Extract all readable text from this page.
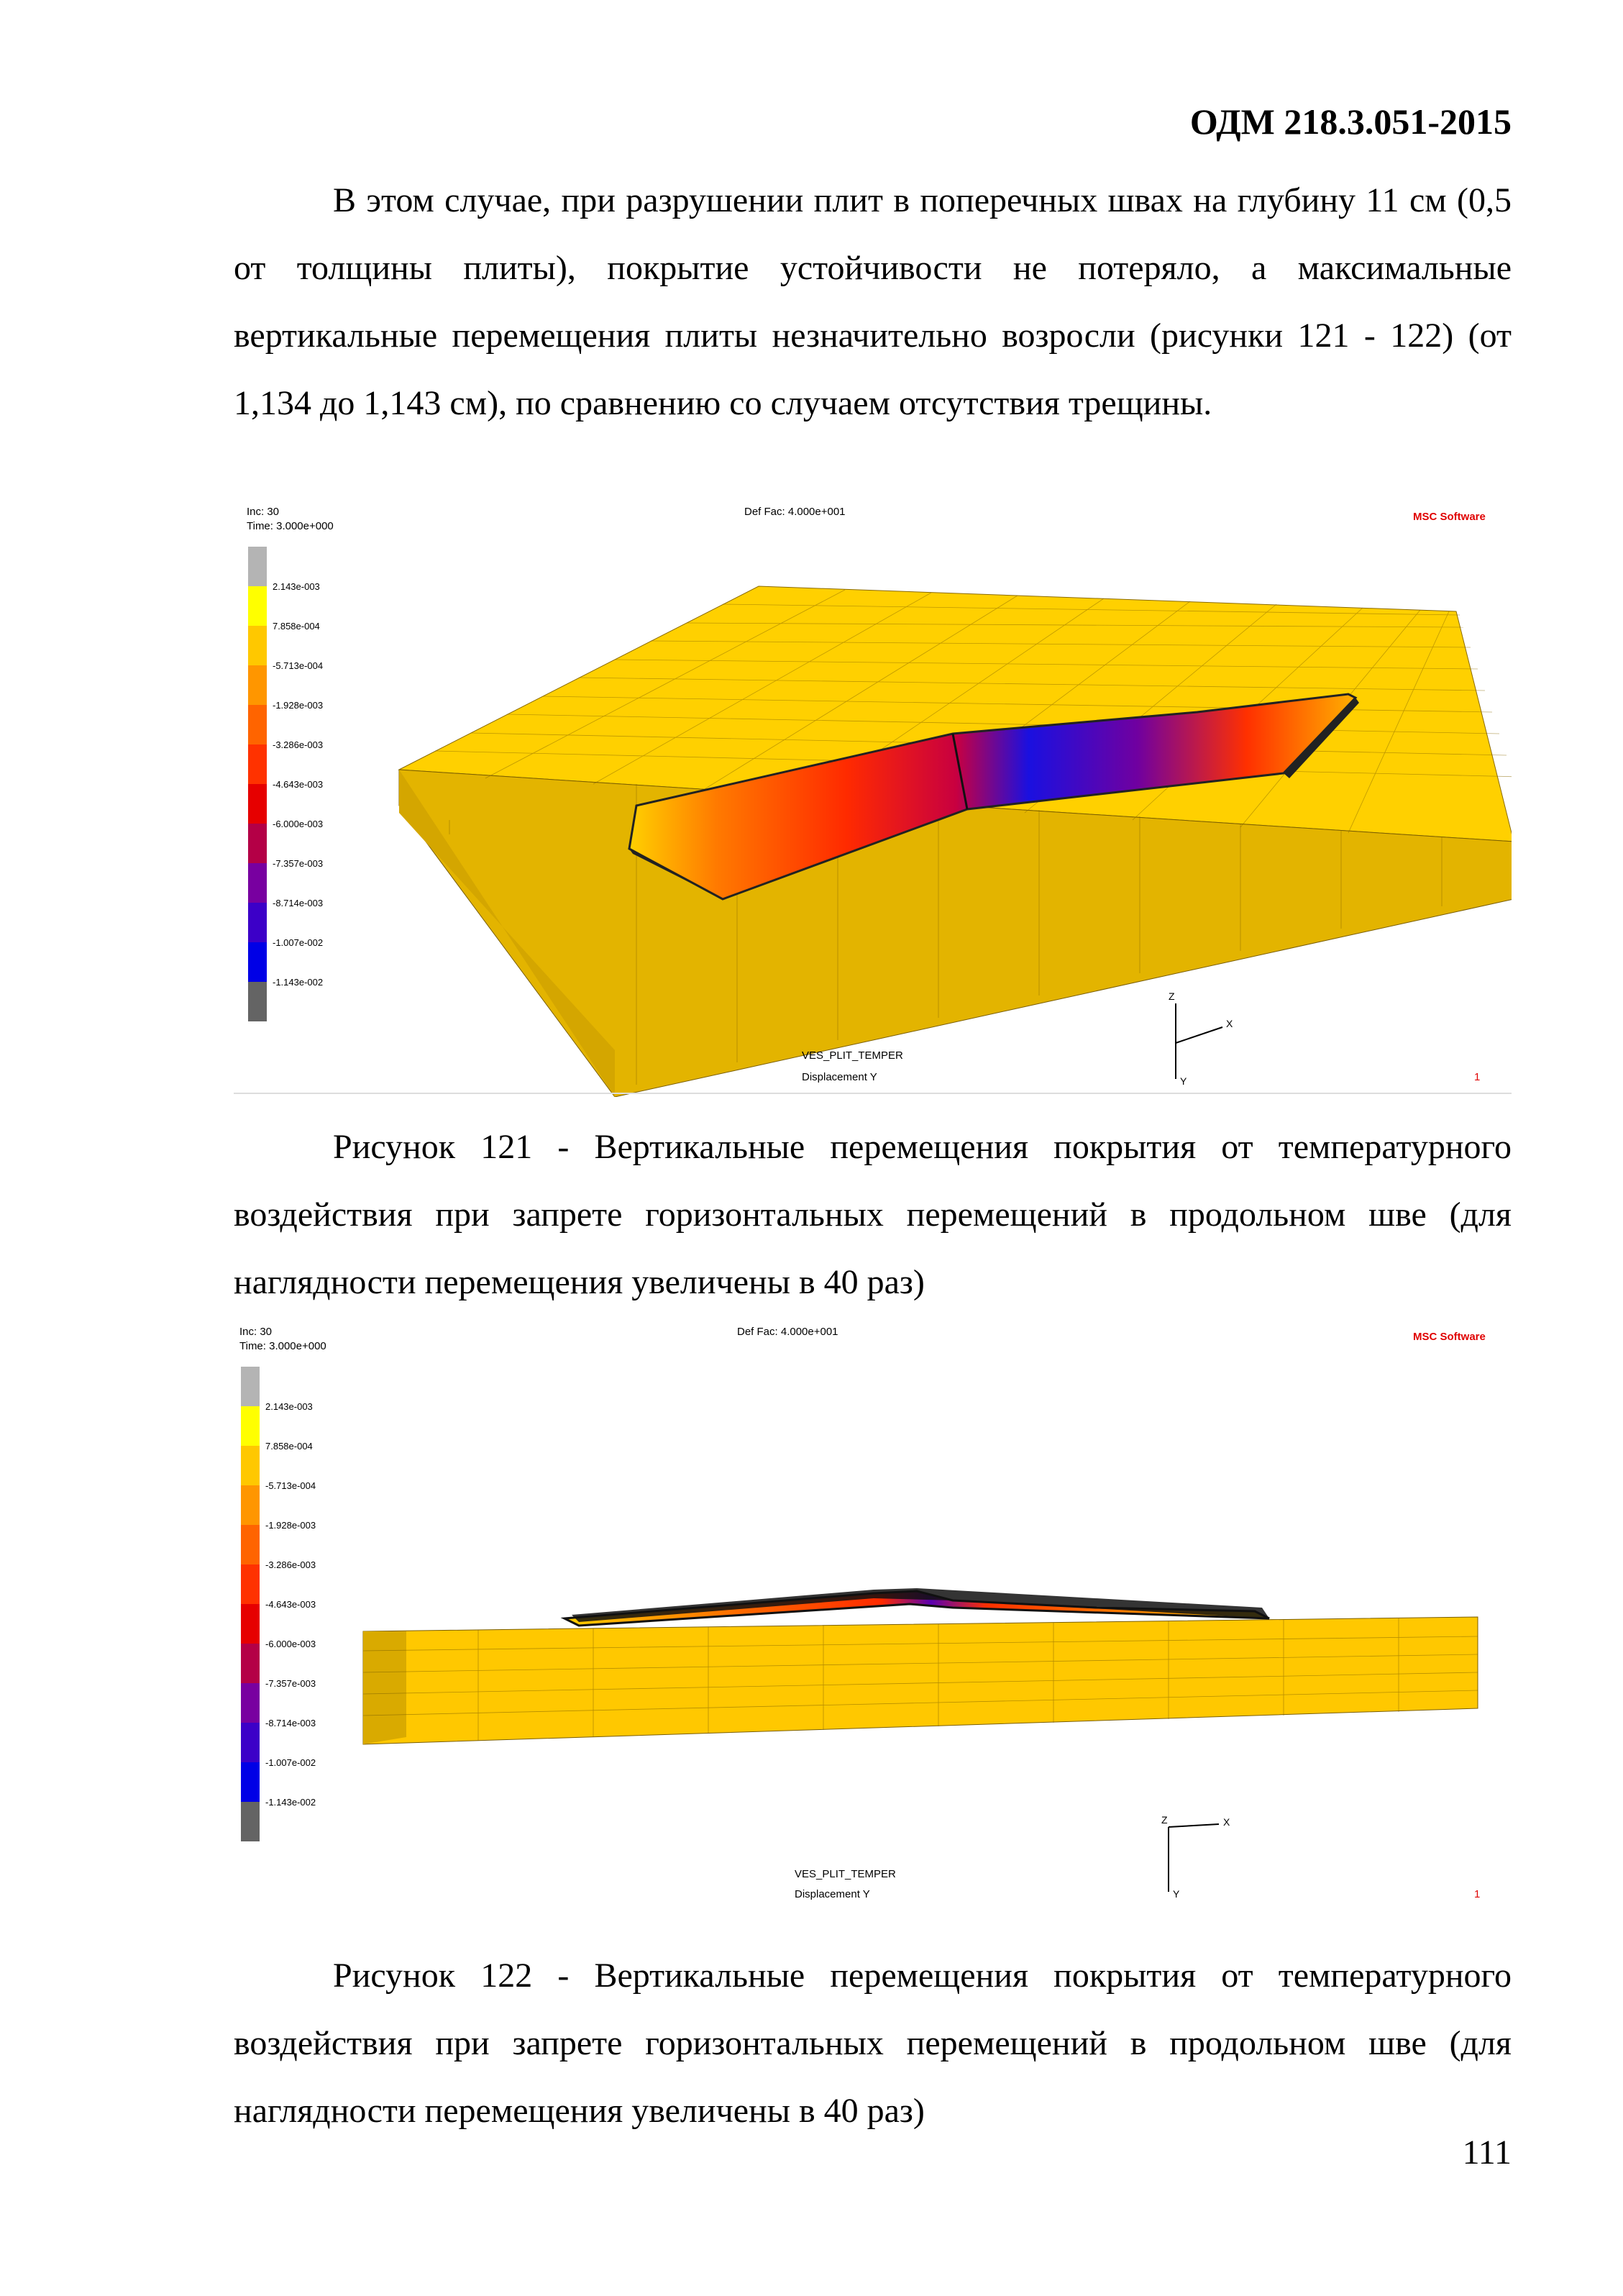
ОДМ 218.3.051-2015

В этом случае, при разрушении плит в поперечных швах на глубину 11 см (0,5 от толщины плиты), покрытие устойчивости не потеряло, а максимальные вертикальные перемещения плиты незначительно возросли (рисунки 121 - 122) (от 1,134 до 1,143 см), по сравнению со случаем отсутствия трещины.

Inc: 30
Time: 3.000e+000
Def Fac: 4.000e+001	MSC Software
2.143e-003
7.858e-004
-5.713e-004
-1.928e-003
-3.286e-003
-4.643e-003
-6.000e-003
-7.357e-003
-8.714e-003
-1.007e-002
-1.143e-002
Z
X
Y
VES_PLIT_TEMPER
Displacement Y	1

Рисунок 121 - Вертикальные перемещения покрытия от температурного воздействия при запрете горизонтальных перемещений в продольном шве (для наглядности перемещения увеличены в 40 раз)

Inc: 30
Time: 3.000e+000
Def Fac: 4.000e+001	MSC Software
2.143e-003
7.858e-004
-5.713e-004
-1.928e-003
-3.286e-003
-4.643e-003
-6.000e-003
-7.357e-003
-8.714e-003
-1.007e-002
-1.143e-002
Z	X
Y
VES_PLIT_TEMPER
Displacement Y	1

Рисунок 122 - Вертикальные перемещения покрытия от температурного воздействия при запрете горизонтальных перемещений в продольном шве (для наглядности перемещения увеличены в 40 раз)

111
